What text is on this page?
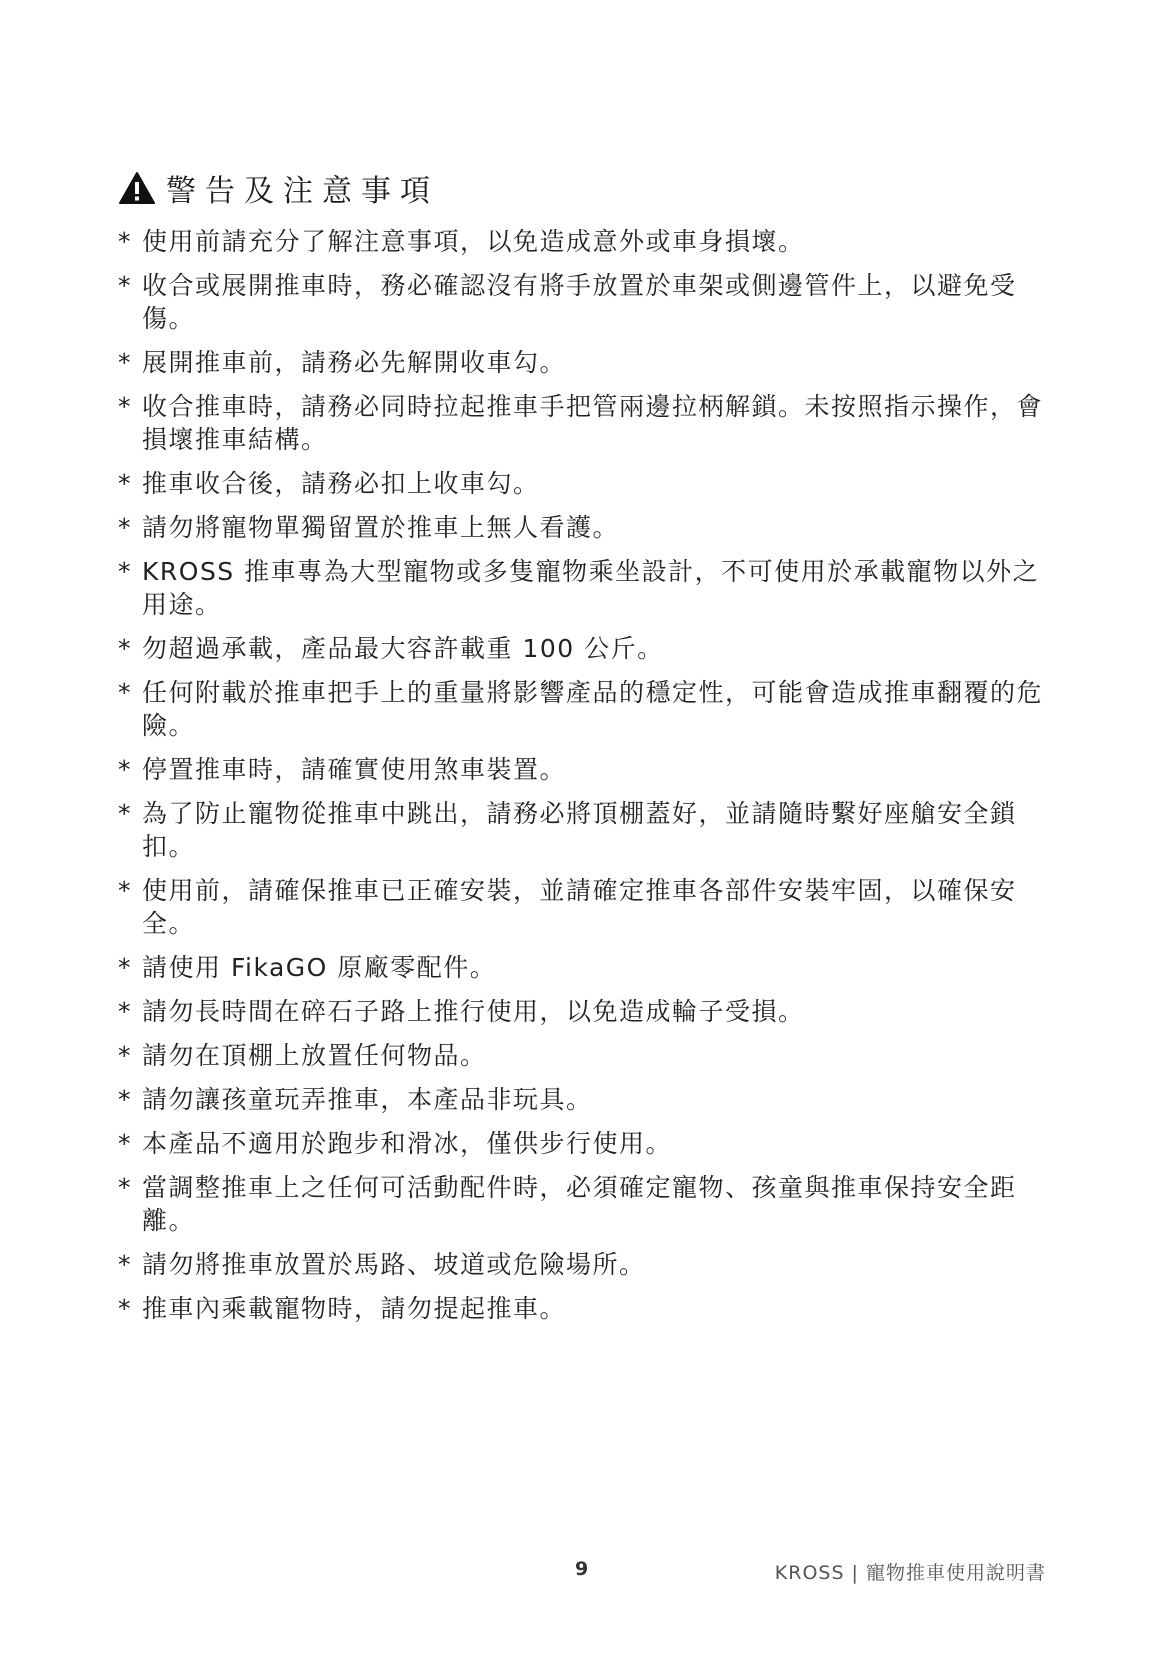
警告及注意事項
* 使用前請充分了解注意事項，以免造成意外或車身損壞。
* 收合或展開推車時，務必確認沒有將手放置於車架或側邊管件上，以避免受傷。
* 展開推車前，請務必先解開收車勾。
* 收合推車時，請務必同時拉起推車手把管兩邊拉柄解鎖。未按照指示操作，會損壞推車結構。
* 推車收合後，請務必扣上收車勾。
* 請勿將寵物單獨留置於推車上無人看護。
* KROSS 推車專為大型寵物或多隻寵物乘坐設計，不可使用於承載寵物以外之用途。
* 勿超過承載，產品最大容許載重 100 公斤。
* 任何附載於推車把手上的重量將影響產品的穩定性，可能會造成推車翻覆的危險。
* 停置推車時，請確實使用煞車裝置。
* 為了防止寵物從推車中跳出，請務必將頂棚蓋好，並請隨時繫好座艙安全鎖扣。
* 使用前，請確保推車已正確安裝，並請確定推車各部件安裝牢固，以確保安全。
* 請使用 FikaGO 原廠零配件。
* 請勿長時間在碎石子路上推行使用，以免造成輪子受損。
* 請勿在頂棚上放置任何物品。
* 請勿讓孩童玩弄推車，本產品非玩具。
* 本產品不適用於跑步和滑冰，僅供步行使用。
* 當調整推車上之任何可活動配件時，必須確定寵物、孩童與推車保持安全距離。
* 請勿將推車放置於馬路、坡道或危險場所。
* 推車內乘載寵物時，請勿提起推車。
9	KROSS | 寵物推車使用說明書
